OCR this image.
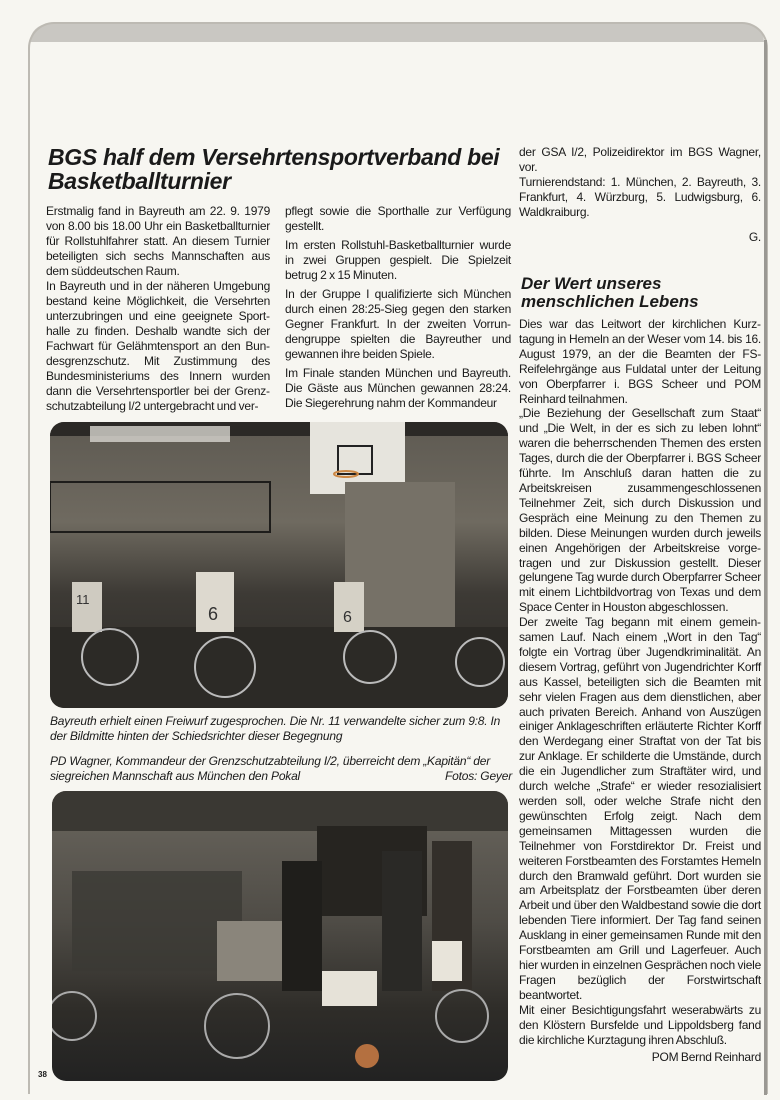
BGS half dem Versehrtensportverband bei Basketballturnier

Erstmalig fand in Bayreuth am 22. 9. 1979 von 8.00 bis 18.00 Uhr ein Basketballturnier für Rollstuhlfahrer statt. An diesem Turnier beteiligten sich sechs Mannschaften aus dem süddeutschen Raum.

In Bayreuth und in der näheren Umgebung bestand keine Möglichkeit, die Versehrten unterzubringen und eine geeignete Sporthalle zu finden. Deshalb wandte sich der Fachwart für Gelähmtensport an den Bundesgrenzschutz. Mit Zustimmung des Bundesministeriums des Innern wurden dann die Versehrtensportler bei der Grenzschutzabteilung I/2 untergebracht und ver-

pflegt sowie die Sporthalle zur Verfügung gestellt.

Im ersten Rollstuhl-Basketballturnier wurde in zwei Gruppen gespielt. Die Spielzeit betrug 2 x 15 Minuten.

In der Gruppe I qualifizierte sich München durch einen 28:25-Sieg gegen den starken Gegner Frankfurt. In der zweiten Vorrundengruppe spielten die Bayreuther und gewannen ihre beiden Spiele.

Im Finale standen München und Bayreuth. Die Gäste aus München gewannen 28:24. Die Siegerehrung nahm der Kommandeur

der GSA I/2, Polizeidirektor im BGS Wagner, vor.

Turnierendstand: 1. München, 2. Bayreuth, 3. Frankfurt, 4. Würzburg, 5. Ludwigsburg, 6. Waldkraiburg.

G.

Der Wert unseres menschlichen Lebens

Dies war das Leitwort der kirchlichen Kurztagung in Hemeln an der Weser vom 14. bis 16. August 1979, an der die Beamten der FS-Reifelehrgänge aus Fuldatal unter der Leitung von Oberpfarrer i. BGS Scheer und POM Reinhard teilnahmen.

„Die Beziehung der Gesellschaft zum Staat“ und „Die Welt, in der es sich zu leben lohnt“ waren die beherrschenden Themen des ersten Tages, durch die der Oberpfarrer i. BGS Scheer führte. Im Anschluß daran hatten die zu Arbeitskreisen zusammengeschlossenen Teilnehmer Zeit, sich durch Diskussion und Gespräch eine Meinung zu den Themen zu bilden. Diese Meinungen wurden durch jeweils einen Angehörigen der Arbeitskreise vorgetragen und zur Diskussion gestellt. Dieser gelungene Tag wurde durch Oberpfarrer Scheer mit einem Lichtbildvortrag von Texas und dem Space Center in Houston abgeschlossen.

Der zweite Tag begann mit einem gemeinsamen Lauf. Nach einem „Wort in den Tag“ folgte ein Vortrag über Jugendkriminalität. An diesem Vortrag, geführt von Jugendrichter Korff aus Kassel, beteiligten sich die Beamten mit sehr vielen Fragen aus dem dienstlichen, aber auch privaten Bereich. Anhand von Auszügen einiger Anklageschriften erläuterte Richter Korff den Werdegang einer Straftat von der Tat bis zur Anklage. Er schilderte die Umstände, durch die ein Jugendlicher zum Straftäter wird, und durch welche „Strafe“ er wieder resozialisiert werden soll, oder welche Strafe nicht den gewünschten Erfolg zeigt. Nach dem gemeinsamen Mittagessen wurden die Teilnehmer von Forstdirektor Dr. Freist und weiteren Forstbeamten des Forstamtes Hemeln durch den Bramwald geführt. Dort wurden sie am Arbeitsplatz der Forstbeamten über deren Arbeit und über den Waldbestand sowie die dort lebenden Tiere informiert. Der Tag fand seinen Ausklang in einer gemeinsamen Runde mit den Forstbeamten am Grill und Lagerfeuer. Auch hier wurden in einzelnen Gesprächen noch viele Fragen bezüglich der Forstwirtschaft beantwortet.

Mit einer Besichtigungsfahrt weserabwärts zu den Klöstern Bursfelde und Lippoldsberg fand die kirchliche Kurztagung ihren Abschluß.

POM Bernd Reinhard
6	6
11
Bayreuth erhielt einen Freiwurf zugesprochen. Die Nr. 11 verwandelte sicher zum 9:8. In der Bildmitte hinten der Schiedsrichter dieser Begegnung
PD Wagner, Kommandeur der Grenzschutzabteilung I/2, überreicht dem „Kapitän“ der siegreichen Mannschaft aus München den Pokal	Fotos: Geyer
38
